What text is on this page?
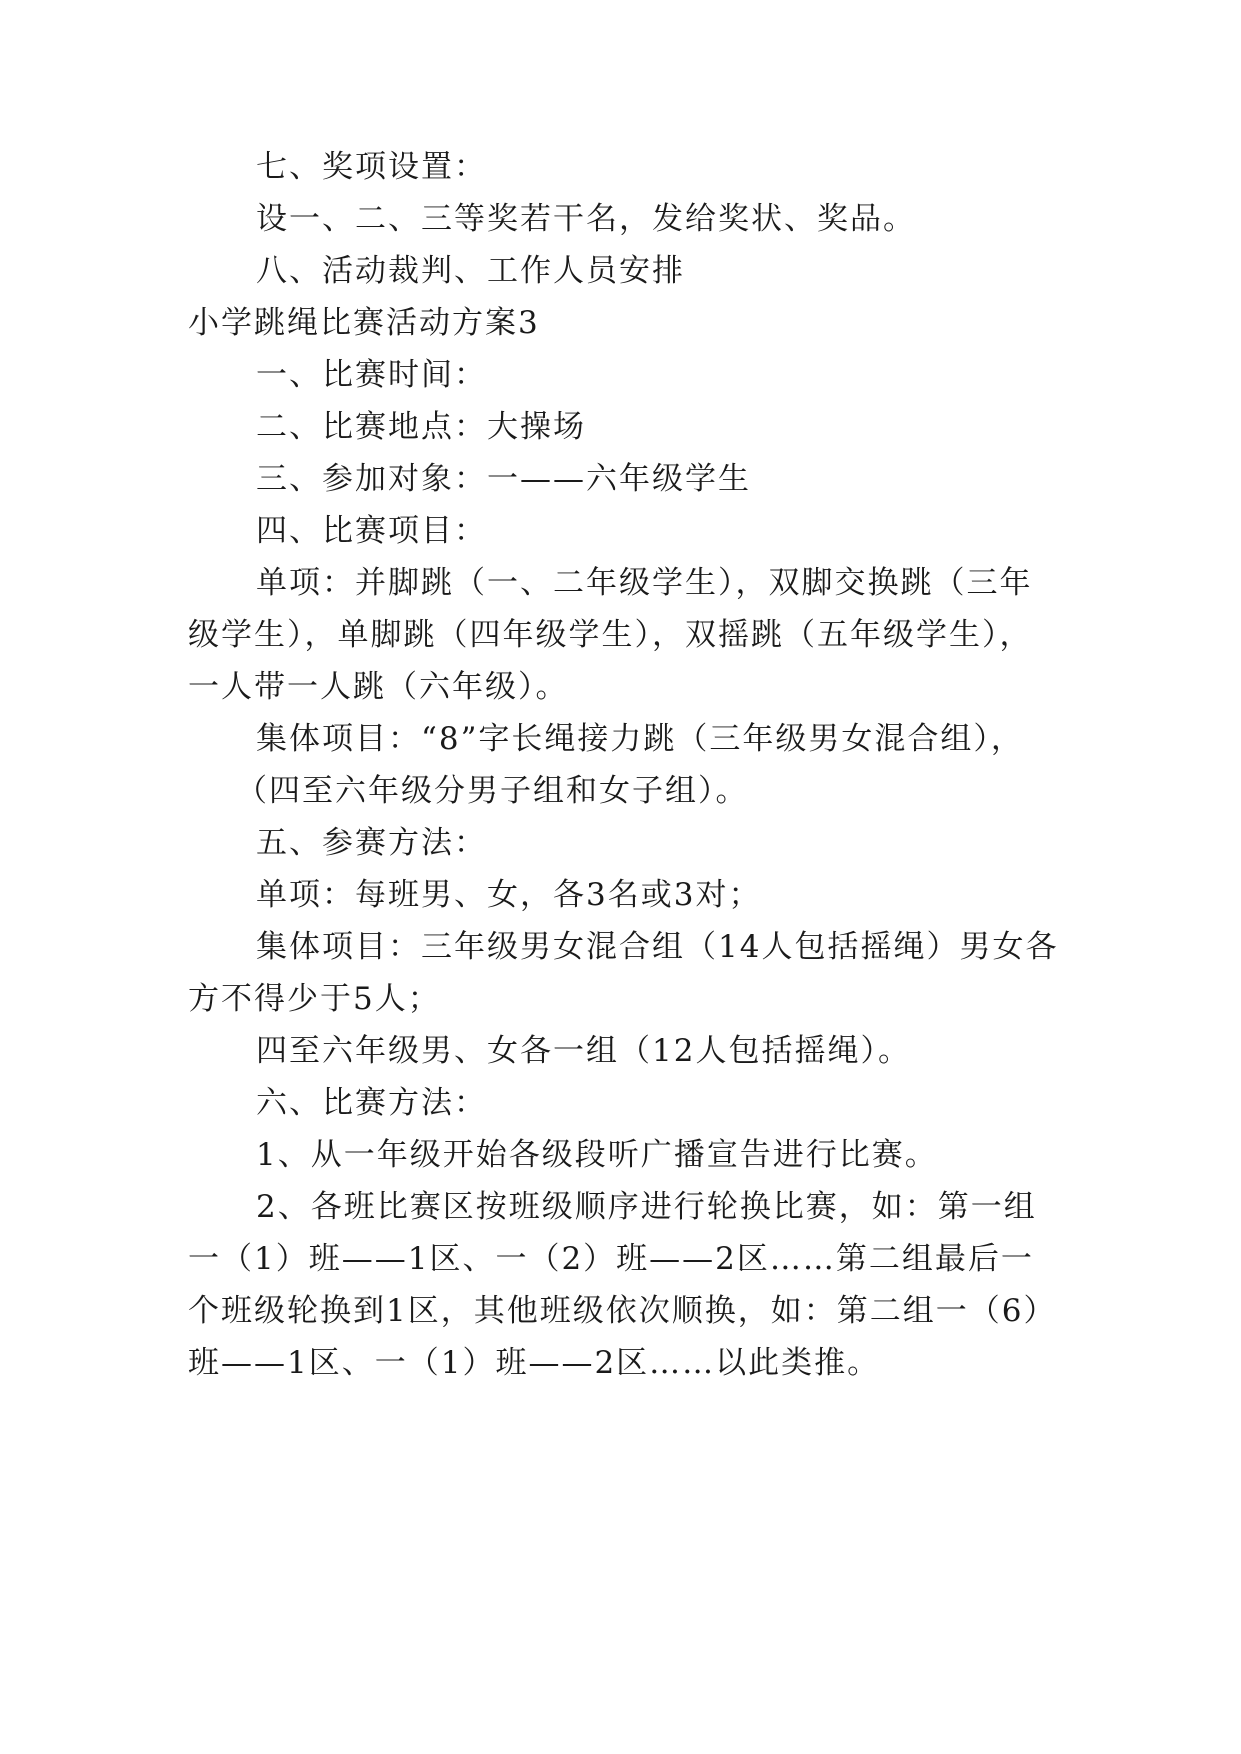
七、奖项设置：
设一、二、三等奖若干名，发给奖状、奖品。
八、活动裁判、工作人员安排
小学跳绳比赛活动方案3
一、比赛时间：
二、比赛地点：大操场
三、参加对象：一——六年级学生
四、比赛项目：
单项：并脚跳（一、二年级学生），双脚交换跳（三年
级学生），单脚跳（四年级学生），双摇跳（五年级学生），
一人带一人跳（六年级）。
集体项目：“8”字长绳接力跳（三年级男女混合组），
（四至六年级分男子组和女子组）。
五、参赛方法：
单项：每班男、女，各3名或3对；
集体项目：三年级男女混合组（14人包括摇绳）男女各
方不得少于5人；
四至六年级男、女各一组（12人包括摇绳）。
六、比赛方法：
1、从一年级开始各级段听广播宣告进行比赛。
2、各班比赛区按班级顺序进行轮换比赛，如：第一组
一（1）班——1区、一（2）班——2区……第二组最后一
个班级轮换到1区，其他班级依次顺换，如：第二组一（6）
班——1区、一（1）班——2区……以此类推。
